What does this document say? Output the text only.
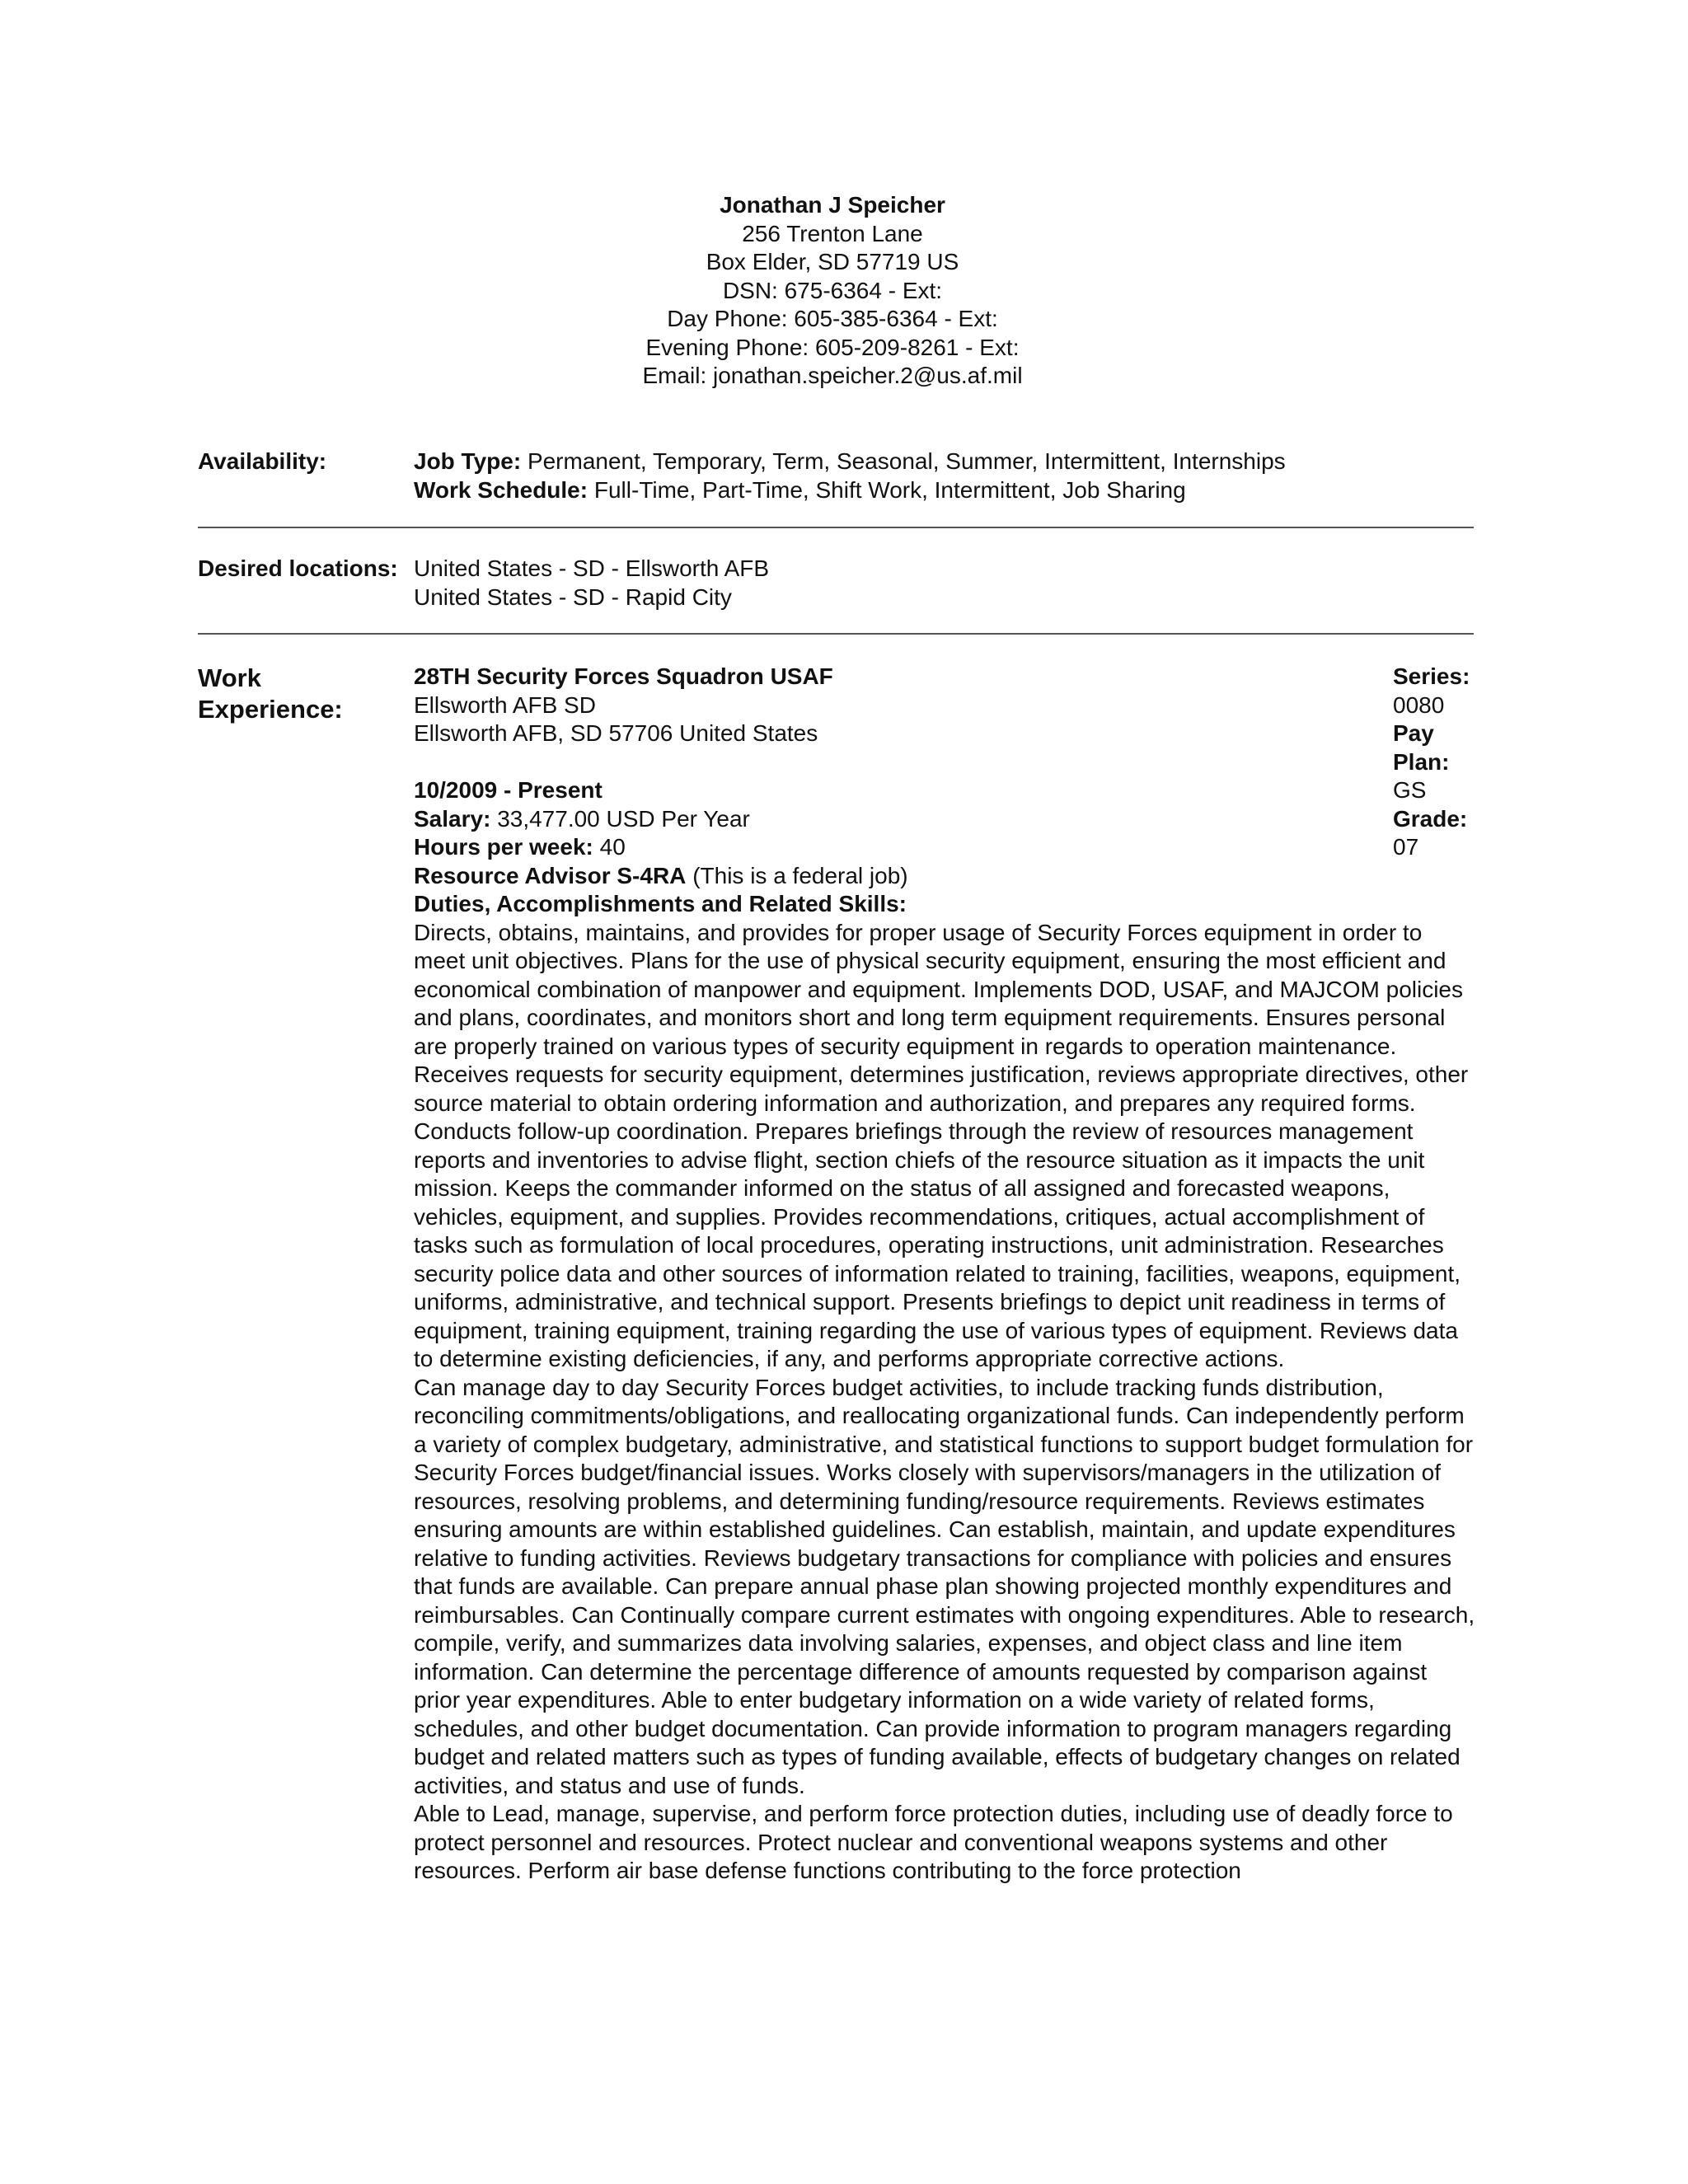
Jonathan J Speicher
256 Trenton Lane
Box Elder, SD 57719 US
DSN: 675-6364 - Ext:
Day Phone: 605-385-6364 - Ext:
Evening Phone: 605-209-8261 - Ext:
Email: jonathan.speicher.2@us.af.mil
Availability:	Job Type: Permanent, Temporary, Term, Seasonal, Summer, Intermittent, Internships
Work Schedule: Full-Time, Part-Time, Shift Work, Intermittent, Job Sharing
Desired locations: United States - SD - Ellsworth AFB
United States - SD - Rapid City
Work Experience:
28TH Security Forces Squadron USAF
Ellsworth AFB SD
Ellsworth AFB, SD 57706 United States
10/2009 - Present
Salary: 33,477.00 USD Per Year
Hours per week: 40
Resource Advisor S-4RA (This is a federal job)
Duties, Accomplishments and Related Skills:

Directs, obtains, maintains, and provides for proper usage of Security Forces equipment in order to meet unit objectives. Plans for the use of physical security equipment, ensuring the most efficient and economical combination of manpower and equipment. Implements DOD, USAF, and MAJCOM policies and plans, coordinates, and monitors short and long term equipment requirements. Ensures personal are properly trained on various types of security equipment in regards to operation maintenance. Receives requests for security equipment, determines justification, reviews appropriate directives, other source material to obtain ordering information and authorization, and prepares any required forms. Conducts follow-up coordination. Prepares briefings through the review of resources management reports and inventories to advise flight, section chiefs of the resource situation as it impacts the unit mission. Keeps the commander informed on the status of all assigned and forecasted weapons, vehicles, equipment, and supplies. Provides recommendations, critiques, actual accomplishment of tasks such as formulation of local procedures, operating instructions, unit administration. Researches security police data and other sources of information related to training, facilities, weapons, equipment, uniforms, administrative, and technical support. Presents briefings to depict unit readiness in terms of equipment, training equipment, training regarding the use of various types of equipment. Reviews data to determine existing deficiencies, if any, and performs appropriate corrective actions.

Can manage day to day Security Forces budget activities, to include tracking funds distribution, reconciling commitments/obligations, and reallocating organizational funds. Can independently perform a variety of complex budgetary, administrative, and statistical functions to support budget formulation for Security Forces budget/financial issues. Works closely with supervisors/managers in the utilization of resources, resolving problems, and determining funding/resource requirements. Reviews estimates ensuring amounts are within established guidelines. Can establish, maintain, and update expenditures relative to funding activities. Reviews budgetary transactions for compliance with policies and ensures that funds are available. Can prepare annual phase plan showing projected monthly expenditures and reimbursables. Can Continually compare current estimates with ongoing expenditures. Able to research, compile, verify, and summarizes data involving salaries, expenses, and object class and line item information. Can determine the percentage difference of amounts requested by comparison against prior year expenditures. Able to enter budgetary information on a wide variety of related forms, schedules, and other budget documentation. Can provide information to program managers regarding budget and related matters such as types of funding available, effects of budgetary changes on related activities, and status and use of funds.

Able to Lead, manage, supervise, and perform force protection duties, including use of deadly force to protect personnel and resources. Protect nuclear and conventional weapons systems and other resources. Perform air base defense functions contributing to the force protection

Series:
0080
Pay
Plan:
GS
Grade:
07
